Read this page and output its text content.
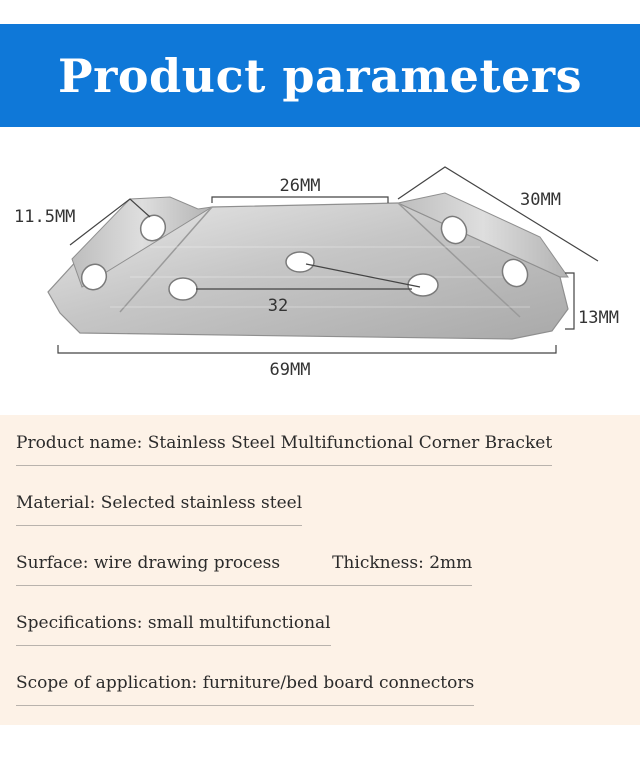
Product parameters
26MM
11.5MM
30MM
32
13MM
69MM
Product name: Stainless Steel Multifunctional Corner Bracket
Material: Selected stainless steel
Surface: wire drawing process	Thickness: 2mm
Specifications: small multifunctional
Scope of application: furniture/bed board connectors
